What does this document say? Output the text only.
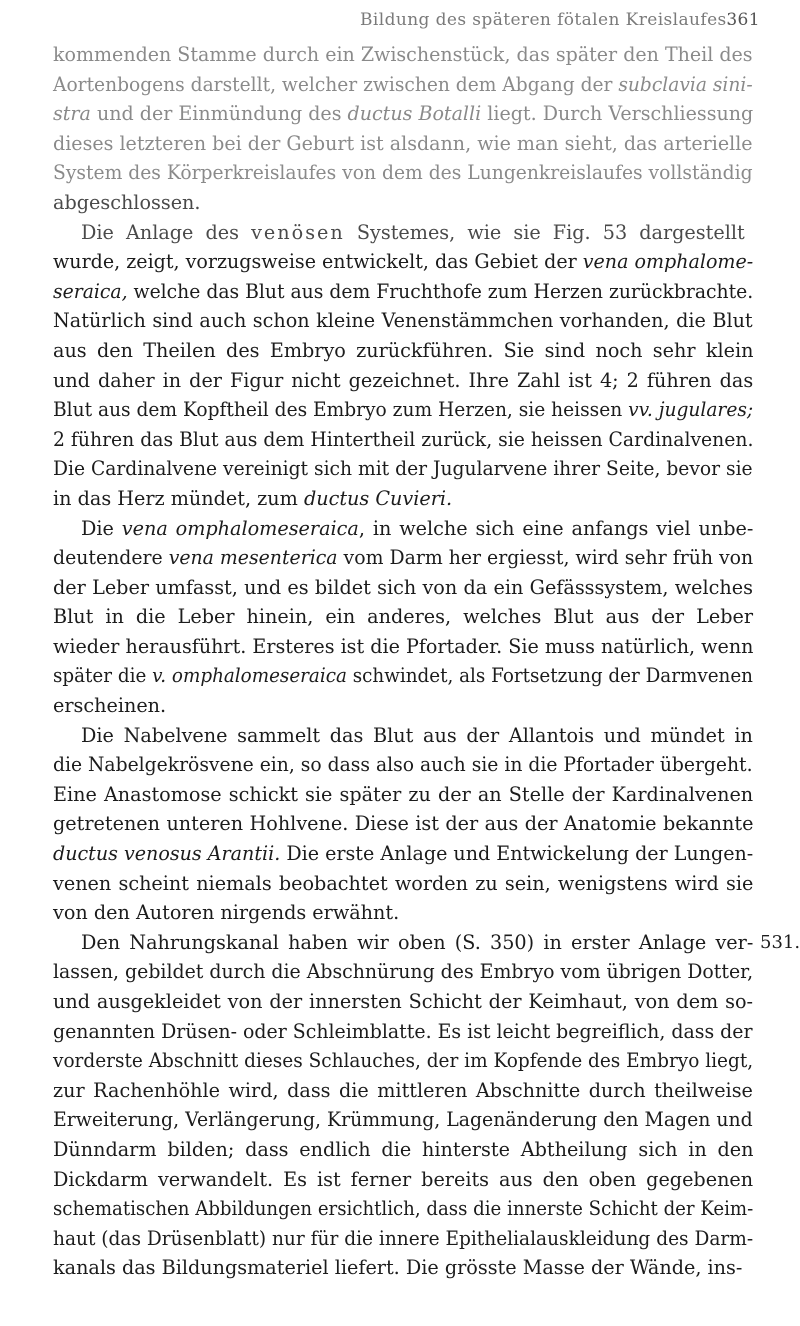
Bildung des späteren fötalen Kreislaufes.
361
kommenden Stamme durch ein Zwischenstück, das später den Theil des
Aortenbogens darstellt, welcher zwischen dem Abgang der subclavia sini-
stra und der Einmündung des ductus Botalli liegt. Durch Verschliessung
dieses letzteren bei der Geburt ist alsdann, wie man sieht, das arterielle
System des Körperkreislaufes von dem des Lungenkreislaufes vollständig
abgeschlossen.
Die Anlage des venösen Systemes, wie sie Fig. 53 dargestellt
wurde, zeigt, vorzugsweise entwickelt, das Gebiet der vena omphalome-
seraica, welche das Blut aus dem Fruchthofe zum Herzen zurückbrachte.
Natürlich sind auch schon kleine Venenstämmchen vorhanden, die Blut
aus den Theilen des Embryo zurückführen. Sie sind noch sehr klein
und daher in der Figur nicht gezeichnet. Ihre Zahl ist 4; 2 führen das
Blut aus dem Kopftheil des Embryo zum Herzen, sie heissen vv. jugulares;
2 führen das Blut aus dem Hintertheil zurück, sie heissen Cardinalvenen.
Die Cardinalvene vereinigt sich mit der Jugularvene ihrer Seite, bevor sie
in das Herz mündet, zum ductus Cuvieri.
Die vena omphalomeseraica, in welche sich eine anfangs viel unbe-
deutendere vena mesenterica vom Darm her ergiesst, wird sehr früh von
der Leber umfasst, und es bildet sich von da ein Gefässsystem, welches
Blut in die Leber hinein, ein anderes, welches Blut aus der Leber
wieder herausführt. Ersteres ist die Pfortader. Sie muss natürlich, wenn
später die v. omphalomeseraica schwindet, als Fortsetzung der Darmvenen
erscheinen.
Die Nabelvene sammelt das Blut aus der Allantois und mündet in
die Nabelgekrösvene ein, so dass also auch sie in die Pfortader übergeht.
Eine Anastomose schickt sie später zu der an Stelle der Kardinalvenen
getretenen unteren Hohlvene. Diese ist der aus der Anatomie bekannte
ductus venosus Arantii. Die erste Anlage und Entwickelung der Lungen-
venen scheint niemals beobachtet worden zu sein, wenigstens wird sie
von den Autoren nirgends erwähnt.
Den Nahrungskanal haben wir oben (S. 350) in erster Anlage ver-
lassen, gebildet durch die Abschnürung des Embryo vom übrigen Dotter,
und ausgekleidet von der innersten Schicht der Keimhaut, von dem so-
genannten Drüsen- oder Schleimblatte. Es ist leicht begreiflich, dass der
vorderste Abschnitt dieses Schlauches, der im Kopfende des Embryo liegt,
zur Rachenhöhle wird, dass die mittleren Abschnitte durch theilweise
Erweiterung, Verlängerung, Krümmung, Lagenänderung den Magen und
Dünndarm bilden; dass endlich die hinterste Abtheilung sich in den
Dickdarm verwandelt. Es ist ferner bereits aus den oben gegebenen
schematischen Abbildungen ersichtlich, dass die innerste Schicht der Keim-
haut (das Drüsenblatt) nur für die innere Epithelialauskleidung des Darm-
kanals das Bildungsmateriel liefert. Die grösste Masse der Wände, ins-
531.
